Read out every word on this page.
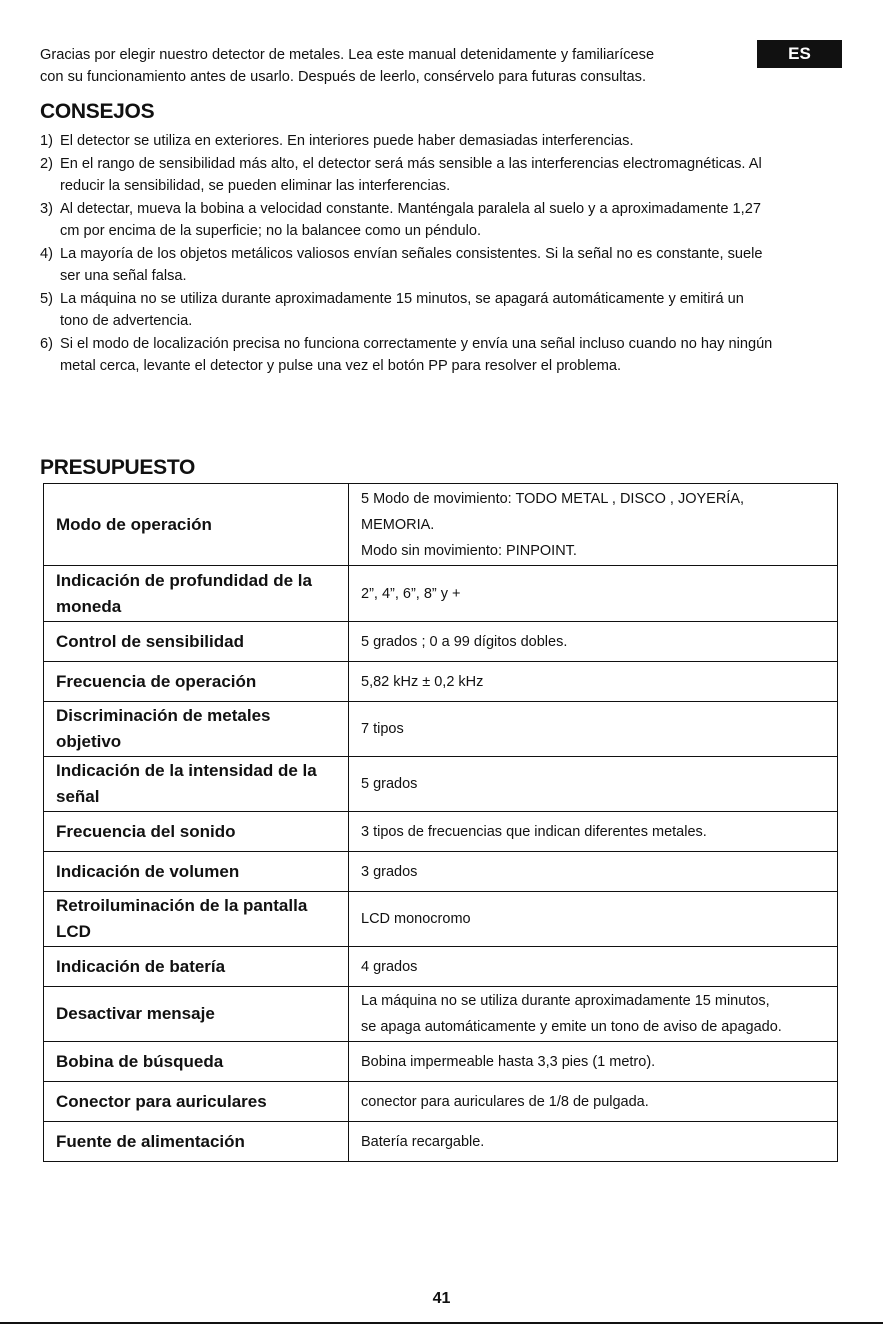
Gracias por elegir nuestro detector de metales. Lea este manual detenidamente y familiarícese

con su funcionamiento antes de usarlo. Después de leerlo, consérvelo para futuras consultas.

ES
CONSEJOS
1) El detector se utiliza en exteriores. En interiores puede haber demasiadas interferencias.
2) En el rango de sensibilidad más alto, el detector será más sensible a las interferencias electromagnéticas. Al
reducir la sensibilidad, se pueden eliminar las interferencias.
3) Al detectar, mueva la bobina a velocidad constante. Manténgala paralela al suelo y a aproximadamente 1,27
cm por encima de la superficie; no la balancee como un péndulo.
4) La mayoría de los objetos metálicos valiosos envían señales consistentes. Si la señal no es constante, suele
ser una señal falsa.
5) La máquina no se utiliza durante aproximadamente 15 minutos, se apagará automáticamente y emitirá un
tono de advertencia.
6) Si el modo de localización precisa no funciona correctamente y envía una señal incluso cuando no hay ningún
metal cerca, levante el detector y pulse una vez el botón PP para resolver el problema.
PRESUPUESTO
Modo de operación	5 Modo de movimiento: TODO METAL , DISCO , JOYERÍA,
MEMORIA.
Modo sin movimiento: PINPOINT.

Indicación de profundidad de la
moneda	2”, 4”, 6”, 8” y +

Control de sensibilidad	5 grados ; 0 a 99 dígitos dobles.

Frecuencia de operación	5,82 kHz ± 0,2 kHz

Discriminación de metales
objetivo	7 tipos

Indicación de la intensidad de la
señal	5 grados

Frecuencia del sonido	3 tipos de frecuencias que indican diferentes metales.

Indicación de volumen	3 grados

Retroiluminación de la pantalla
LCD	LCD monocromo

Indicación de batería	4 grados

Desactivar mensaje	La máquina no se utiliza durante aproximadamente 15 minutos,
se apaga automáticamente y emite un tono de aviso de apagado.

Bobina de búsqueda	Bobina impermeable hasta 3,3 pies (1 metro).

Conector para auriculares	conector para auriculares de 1/8 de pulgada.

Fuente de alimentación	Batería recargable.
41
